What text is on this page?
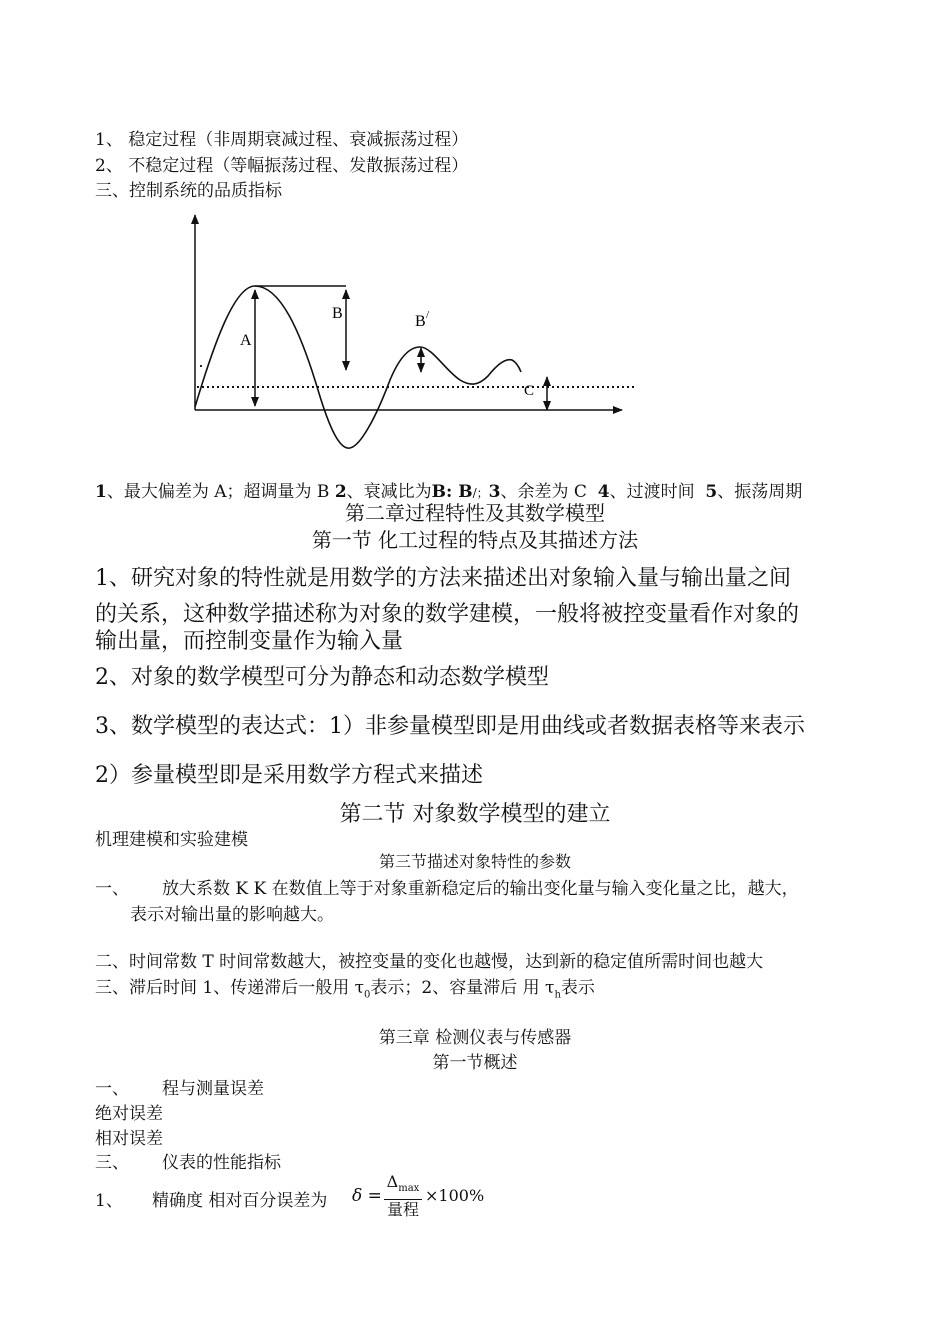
1、 稳定过程（非周期衰减过程、衰减振荡过程）
2、 不稳定过程（等幅振荡过程、发散振荡过程）
三、控制系统的品质指标
A
B	B /
C
·
1、最大偏差为 A；超调量为 B 2、衰减比为B: B/；3、余差为 C 4、过渡时间 5、振荡周期
第二章过程特性及其数学模型
第一节 化工过程的特点及其描述方法
1、研究对象的特性就是用数学的方法来描述出对象输入量与输出量之间
的关系，这种数学描述称为对象的数学建模，一般将被控变量看作对象的
输出量，而控制变量作为输入量
2、对象的数学模型可分为静态和动态数学模型
3、数学模型的表达式：1）非参量模型即是用曲线或者数据表格等来表示
2）参量模型即是采用数学方程式来描述
第二节 对象数学模型的建立
机理建模和实验建模
第三节描述对象特性的参数
一、 放大系数 K K 在数值上等于对象重新稳定后的输出变化量与输入变化量之比，越大，
表示对输出量的影响越大。
二、时间常数 T 时间常数越大，被控变量的变化也越慢，达到新的稳定值所需时间也越大
三、滞后时间 1、传递滞后一般用 $\tau_0$表示；2、容量滞后 用 $\tau_h$表示
第三章 检测仪表与传感器
第一节概述
一、 程与测量误差
绝对误差
相对误差
三、 仪表的性能指标
1、 精确度 相对百分误差为 δ =
$\Delta_{max}$
量程
×100%
